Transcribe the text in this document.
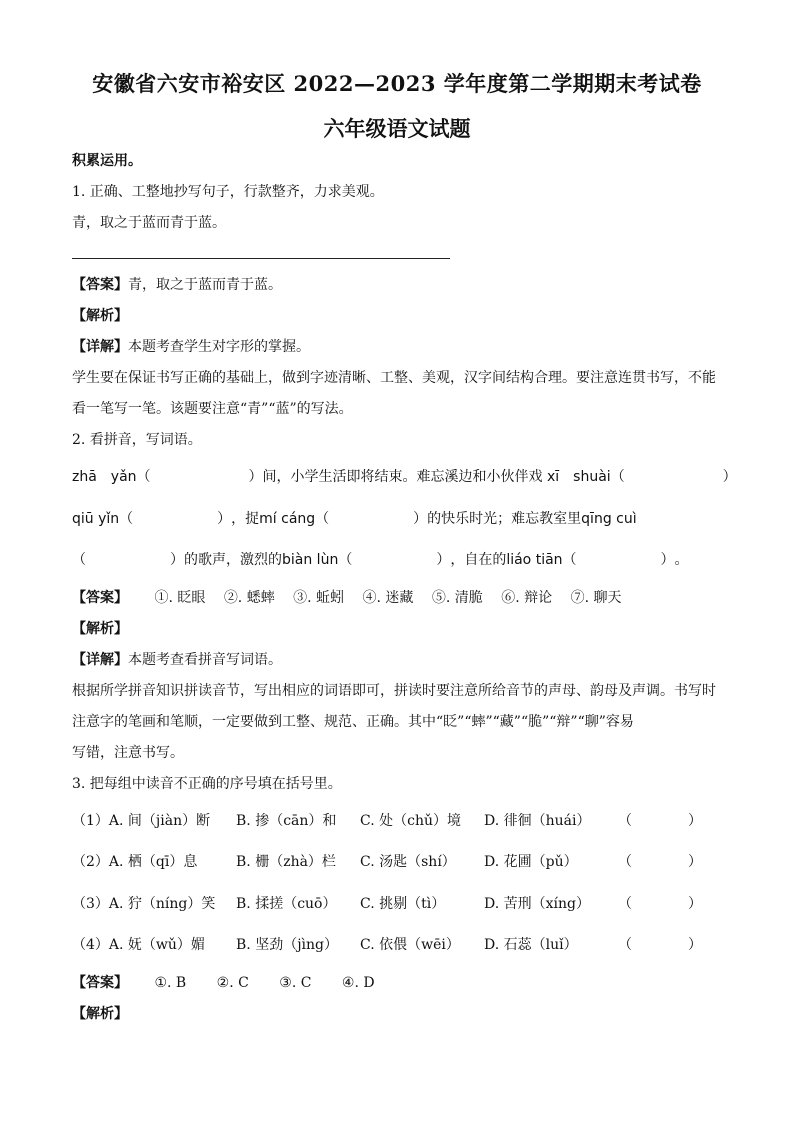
安徽省六安市裕安区 2022—2023 学年度第二学期期末考试卷
六年级语文试题
积累运用。
1. 正确、工整地抄写句子，行款整齐，力求美观。
青，取之于蓝而青于蓝。
【答案】青，取之于蓝而青于蓝。
【解析】
【详解】本题考查学生对字形的掌握。
学生要在保证书写正确的基础上，做到字迹清晰、工整、美观，汉字间结构合理。要注意连贯书写，不能
看一笔写一笔。该题要注意“青”“蓝”的写法。
2. 看拼音，写词语。
zhā　yǎn（　　　　　　　）间，小学生活即将结束。难忘溪边和小伙伴戏 xī　shuài（　　　　　　　）
qiū yǐn（　　　　　　），捉mí cáng（　　　　　　）的快乐时光；难忘教室里qīng cuì
（　　　　　　）的歌声，激烈的biàn lùn（　　　　　　），自在的liáo tiān（　　　　　　）。
【答案】 ①. 眨眼 ②. 蟋蟀 ③. 蚯蚓 ④. 迷藏 ⑤. 清脆 ⑥. 辩论 ⑦. 聊天
【解析】
【详解】本题考查看拼音写词语。
根据所学拼音知识拼读音节，写出相应的词语即可，拼读时要注意所给音节的声母、韵母及声调。书写时
注意字的笔画和笔顺，一定要做到工整、规范、正确。其中“眨”“蟀”“藏”“脆”“辩”“聊”容易
写错，注意书写。
3. 把每组中读音不正确的序号填在括号里。
（1）A. 间（jiàn）断 B. 掺（cān）和 C. 处（chǔ）境 D. 徘徊（huái） （　　　　）
（2）A. 栖（qī）息	B. 栅（zhà）栏 C. 汤匙（shí） D. 花圃（pǔ）	（　　　　）
（3）A. 狞（níng）笑 B. 揉搓（cuō） C. 挑剔（tì）	D. 苦刑（xíng） （　　　　）
（4）A. 妩（wǔ）媚 B. 坚劲（jìng） C. 依偎（wēi） D. 石蕊（luǐ）	（　　　　）
【答案】 ①. B ②. C ③. C ④. D
【解析】
